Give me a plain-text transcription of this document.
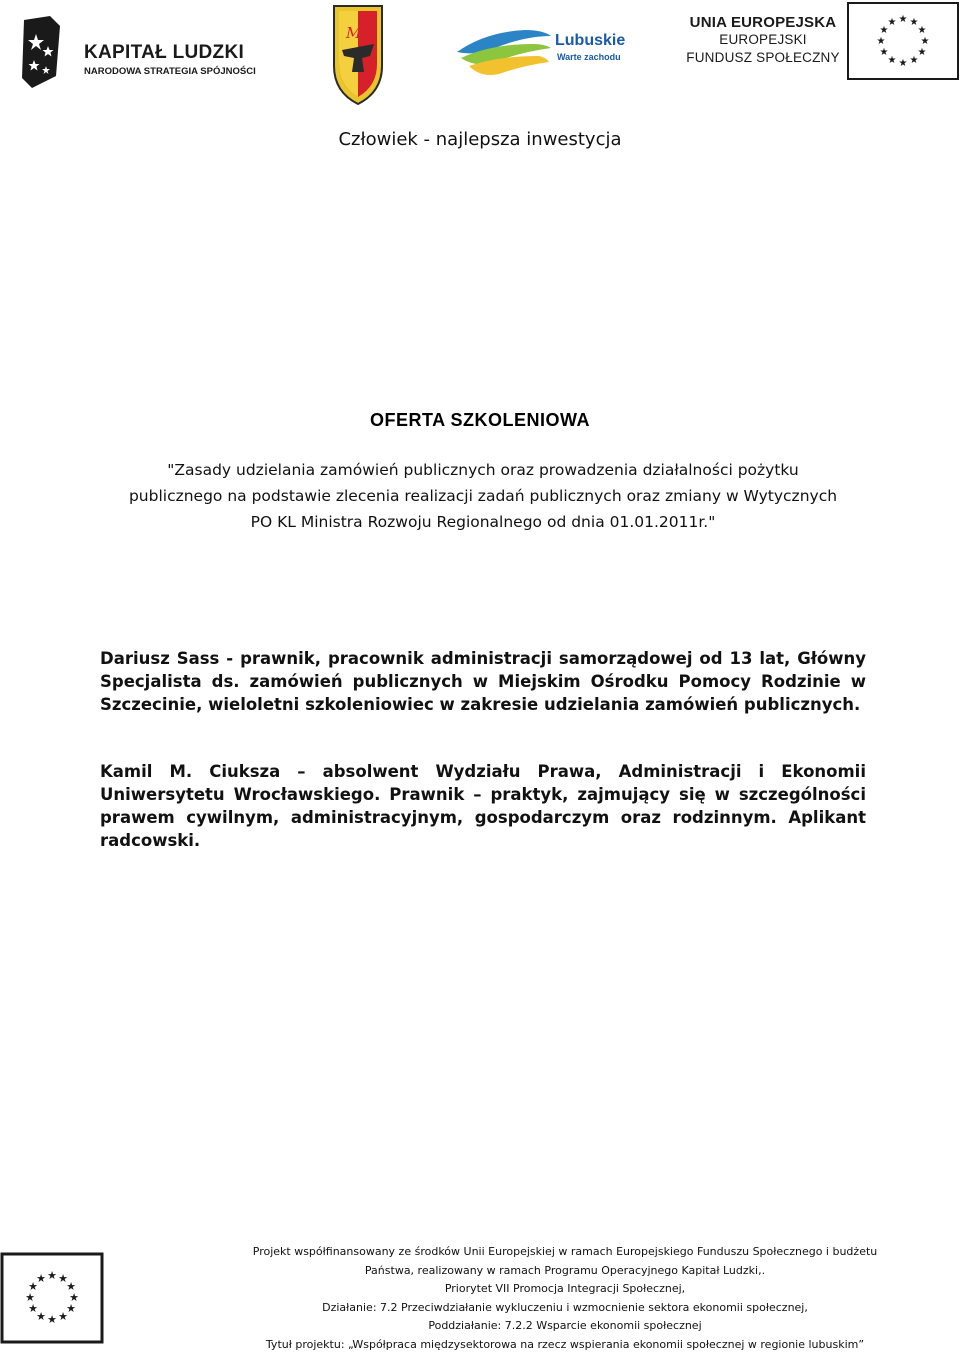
KAPITAŁ LUDZKI
NARODOWA STRATEGIA SPÓJNOŚCI
MC	Lubuskie
Warte zachodu
UNIA EUROPEJSKA
EUROPEJSKI
FUNDUSZ SPOŁECZNY
★ ★
★
★
★
★
★
★
★
★
★
★
Człowiek - najlepsza inwestycja
OFERTA SZKOLENIOWA
"Zasady udzielania zamówień publicznych oraz prowadzenia działalności pożytku
publicznego na podstawie zlecenia realizacji zadań publicznych oraz zmiany w Wytycznych
PO KL Ministra Rozwoju Regionalnego od dnia 01.01.2011r."
Dariusz Sass - prawnik, pracownik administracji samorządowej od 13 lat, Główny Specjalista ds. zamówień publicznych w Miejskim Ośrodku Pomocy Rodzinie w Szczecinie, wieloletni szkoleniowiec w zakresie udzielania zamówień publicznych.
Kamil M. Ciuksza – absolwent Wydziału Prawa, Administracji i Ekonomii Uniwersytetu Wrocławskiego. Prawnik – praktyk, zajmujący się w szczególności prawem cywilnym, administracyjnym, gospodarczym oraz rodzinnym. Aplikant radcowski.
★ ★
★
★
★
★
★
★
★
★
★
★
Projekt współfinansowany ze środków Unii Europejskiej w ramach Europejskiego Funduszu Społecznego i budżetu
Państwa, realizowany w ramach Programu Operacyjnego Kapitał Ludzki,.
Priorytet VII Promocja Integracji Społecznej,
Działanie: 7.2 Przeciwdziałanie wykluczeniu i wzmocnienie sektora ekonomii społecznej,
Poddziałanie: 7.2.2 Wsparcie ekonomii społecznej
Tytuł projektu: „Współpraca międzysektorowa na rzecz wspierania ekonomii społecznej w regionie lubuskim”
